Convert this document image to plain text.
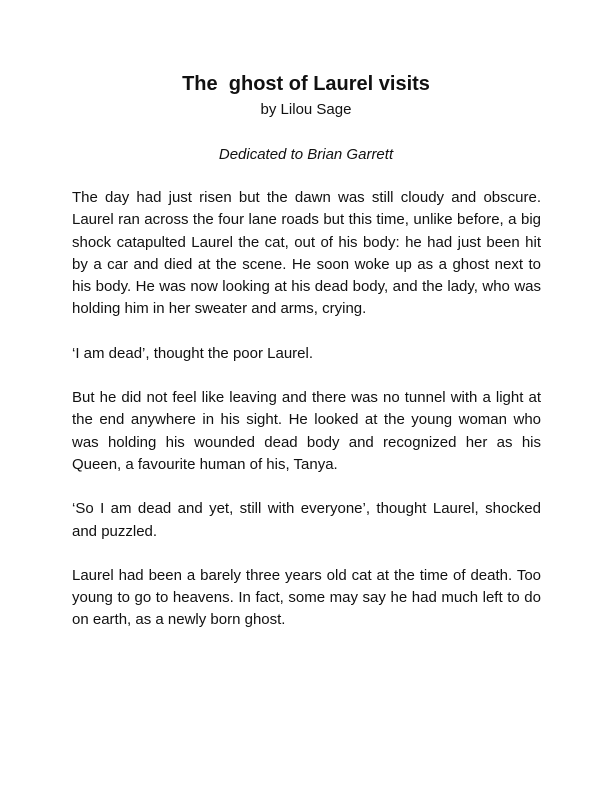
The  ghost of Laurel visits
by Lilou Sage
Dedicated to Brian Garrett

The day had just risen but the dawn was still cloudy and obscure. Laurel ran across the four lane roads but this time, unlike before, a big shock catapulted Laurel the cat, out of his body: he had just been hit by a car and died at the scene. He soon woke up as a ghost next to his body. He was now looking at his dead body, and the lady, who was holding him in her sweater and arms, crying.

‘I am dead’, thought the poor Laurel.

But he did not feel like leaving and there was no tunnel with a light at the end anywhere in his sight. He looked at the young woman who was holding his wounded dead body and recognized her as his Queen, a favourite human of his, Tanya.

‘So I am dead and yet, still with everyone’, thought Laurel, shocked and puzzled.

Laurel had been a barely three years old cat at the time of death. Too young to go to heavens. In fact, some may say he had much left to do on earth, as a newly born ghost.
